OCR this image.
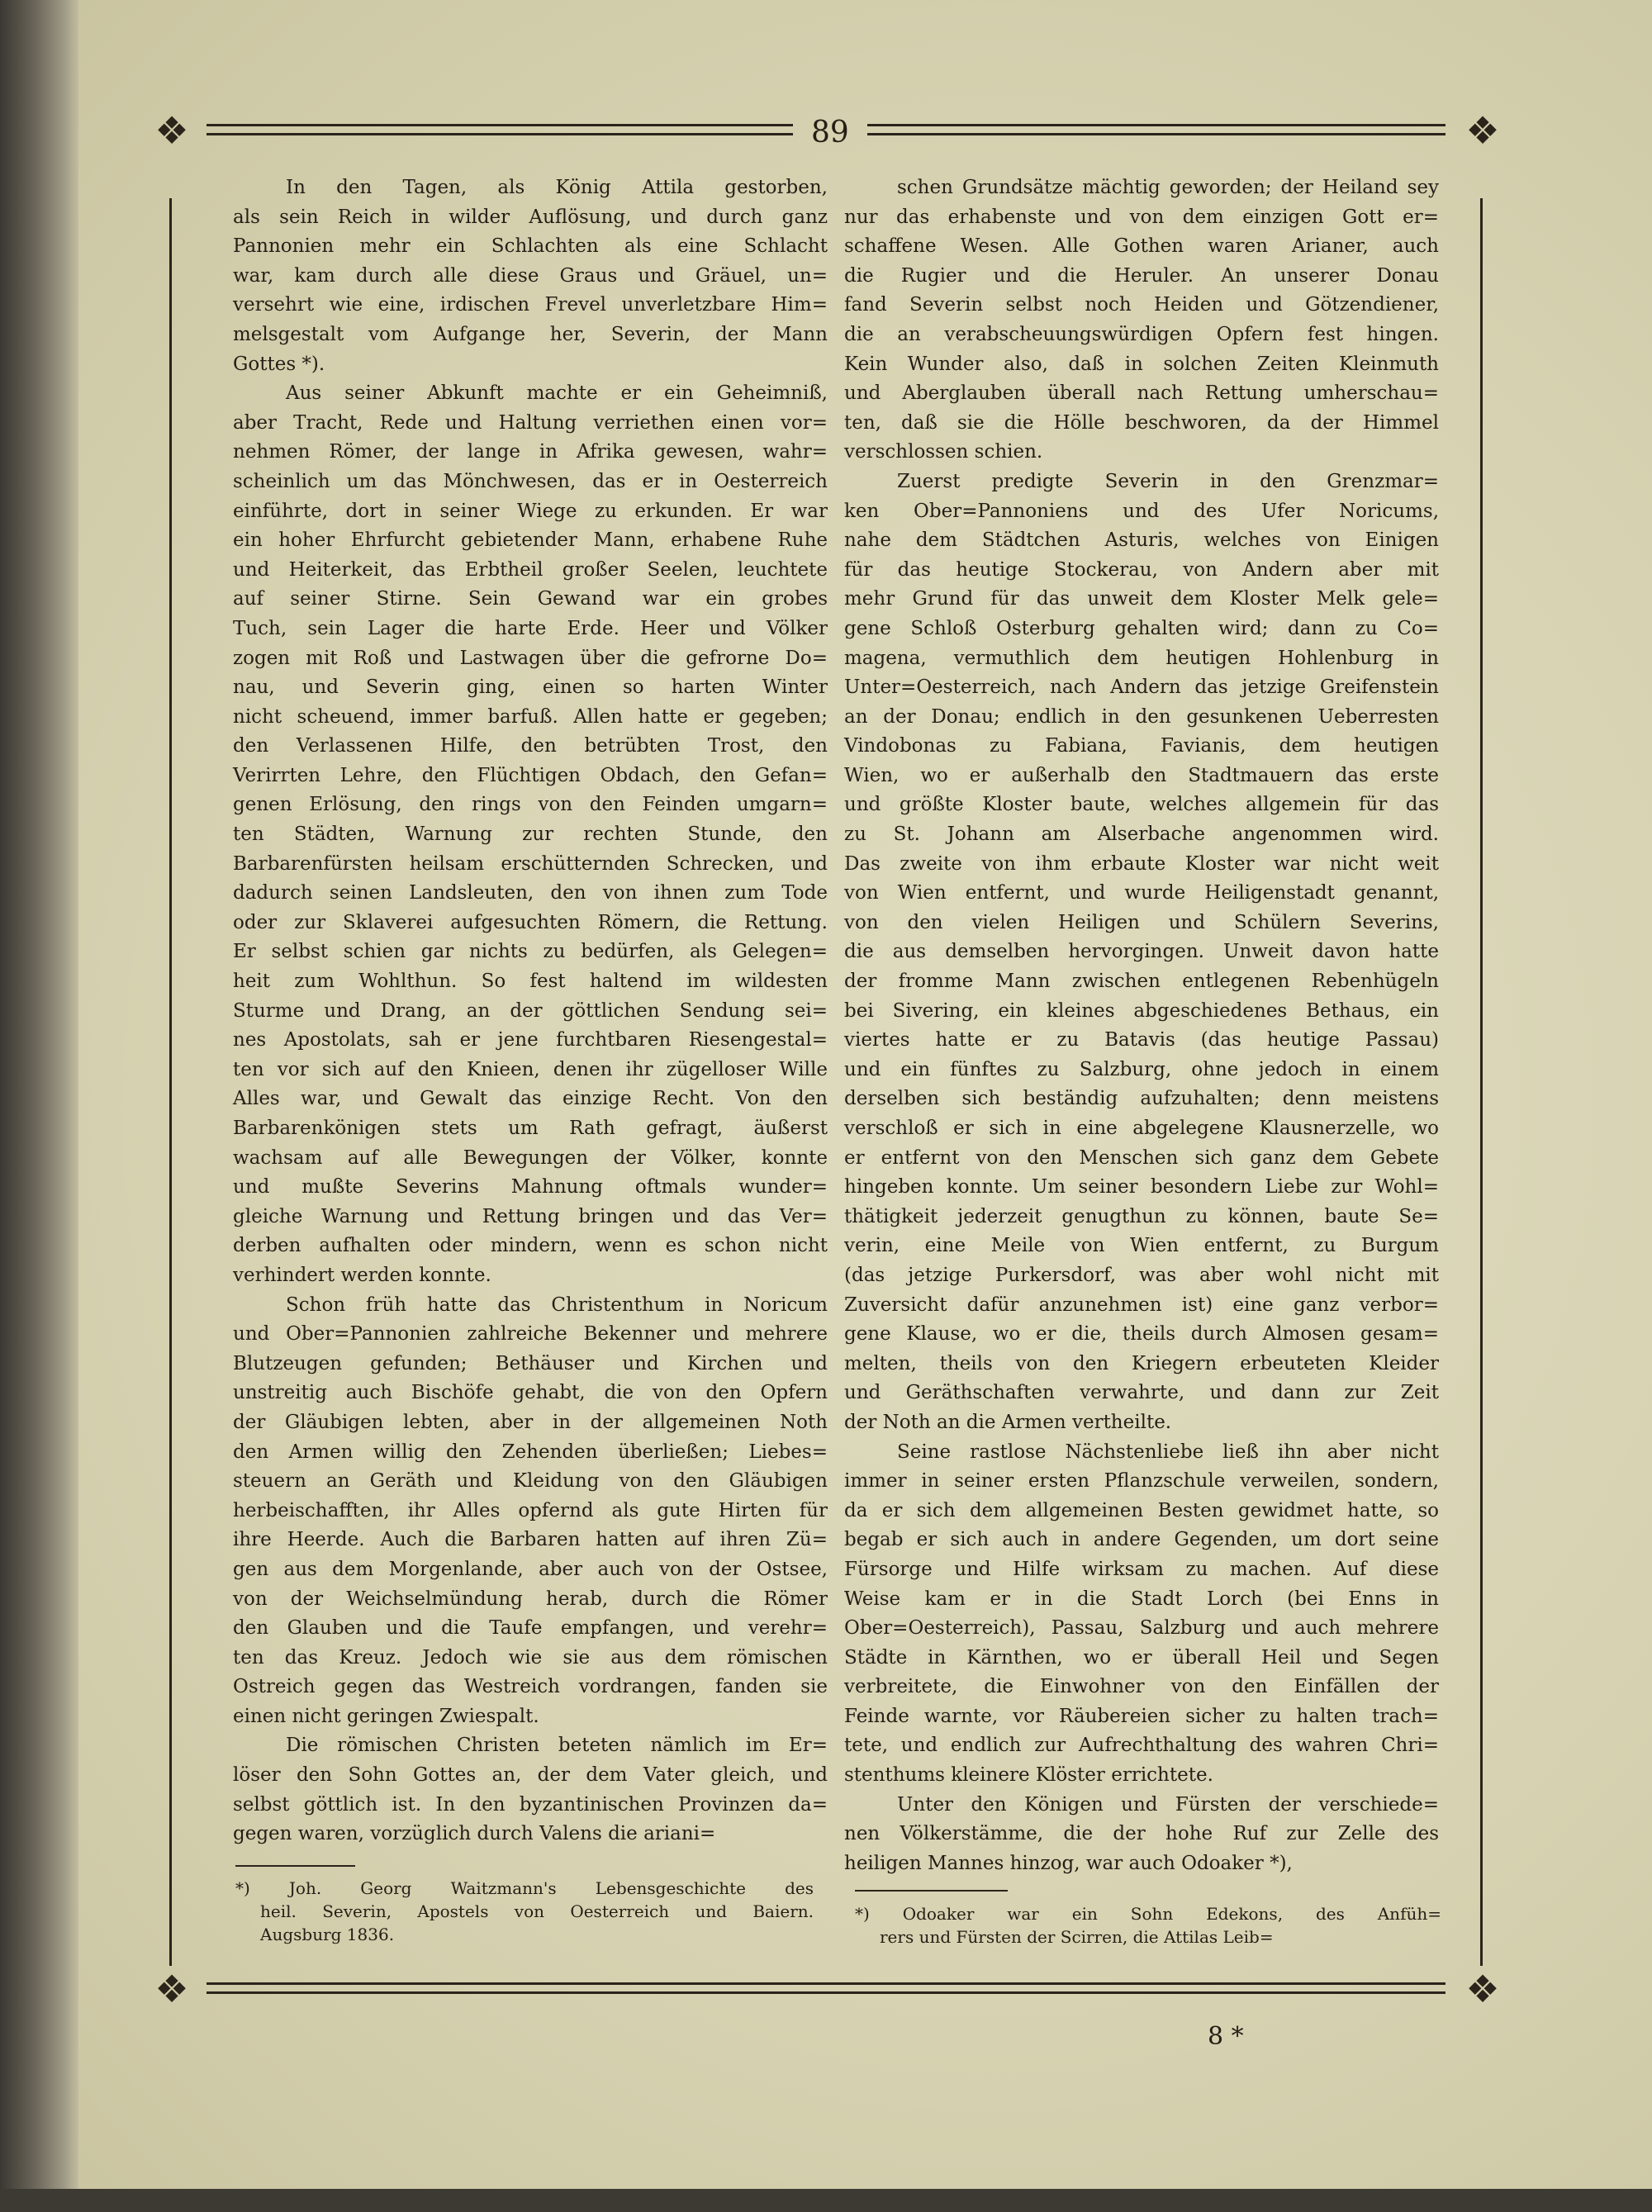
❖	❖
❖	❖
89
In den Tagen, als König Attila gestorben,
als sein Reich in wilder Auflösung, und durch ganz
Pannonien mehr ein Schlachten als eine Schlacht
war, kam durch alle diese Graus und Gräuel, un=
versehrt wie eine, irdischen Frevel unverletzbare Him=
melsgestalt vom Aufgange her, Severin, der Mann
Gottes *).
Aus seiner Abkunft machte er ein Geheimniß,
aber Tracht, Rede und Haltung verriethen einen vor=
nehmen Römer, der lange in Afrika gewesen, wahr=
scheinlich um das Mönchwesen, das er in Oesterreich
einführte, dort in seiner Wiege zu erkunden. Er war
ein hoher Ehrfurcht gebietender Mann, erhabene Ruhe
und Heiterkeit, das Erbtheil großer Seelen, leuchtete
auf seiner Stirne. Sein Gewand war ein grobes
Tuch, sein Lager die harte Erde. Heer und Völker
zogen mit Roß und Lastwagen über die gefrorne Do=
nau, und Severin ging, einen so harten Winter
nicht scheuend, immer barfuß. Allen hatte er gegeben;
den Verlassenen Hilfe, den betrübten Trost, den
Verirrten Lehre, den Flüchtigen Obdach, den Gefan=
genen Erlösung, den rings von den Feinden umgarn=
ten Städten, Warnung zur rechten Stunde, den
Barbarenfürsten heilsam erschütternden Schrecken, und
dadurch seinen Landsleuten, den von ihnen zum Tode
oder zur Sklaverei aufgesuchten Römern, die Rettung.
Er selbst schien gar nichts zu bedürfen, als Gelegen=
heit zum Wohlthun. So fest haltend im wildesten
Sturme und Drang, an der göttlichen Sendung sei=
nes Apostolats, sah er jene furchtbaren Riesengestal=
ten vor sich auf den Knieen, denen ihr zügelloser Wille
Alles war, und Gewalt das einzige Recht. Von den
Barbarenkönigen stets um Rath gefragt, äußerst
wachsam auf alle Bewegungen der Völker, konnte
und mußte Severins Mahnung oftmals wunder=
gleiche Warnung und Rettung bringen und das Ver=
derben aufhalten oder mindern, wenn es schon nicht
verhindert werden konnte.
Schon früh hatte das Christenthum in Noricum
und Ober=Pannonien zahlreiche Bekenner und mehrere
Blutzeugen gefunden; Bethäuser und Kirchen und
unstreitig auch Bischöfe gehabt, die von den Opfern
der Gläubigen lebten, aber in der allgemeinen Noth
den Armen willig den Zehenden überließen; Liebes=
steuern an Geräth und Kleidung von den Gläubigen
herbeischafften, ihr Alles opfernd als gute Hirten für
ihre Heerde. Auch die Barbaren hatten auf ihren Zü=
gen aus dem Morgenlande, aber auch von der Ostsee,
von der Weichselmündung herab, durch die Römer
den Glauben und die Taufe empfangen, und verehr=
ten das Kreuz. Jedoch wie sie aus dem römischen
Ostreich gegen das Westreich vordrangen, fanden sie
einen nicht geringen Zwiespalt.
Die römischen Christen beteten nämlich im Er=
löser den Sohn Gottes an, der dem Vater gleich, und
selbst göttlich ist. In den byzantinischen Provinzen da=
gegen waren, vorzüglich durch Valens die ariani=
schen Grundsätze mächtig geworden; der Heiland sey
nur das erhabenste und von dem einzigen Gott er=
schaffene Wesen. Alle Gothen waren Arianer, auch
die Rugier und die Heruler. An unserer Donau
fand Severin selbst noch Heiden und Götzendiener,
die an verabscheuungswürdigen Opfern fest hingen.
Kein Wunder also, daß in solchen Zeiten Kleinmuth
und Aberglauben überall nach Rettung umherschau=
ten, daß sie die Hölle beschworen, da der Himmel
verschlossen schien.
Zuerst predigte Severin in den Grenzmar=
ken Ober=Pannoniens und des Ufer Noricums,
nahe dem Städtchen Asturis, welches von Einigen
für das heutige Stockerau, von Andern aber mit
mehr Grund für das unweit dem Kloster Melk gele=
gene Schloß Osterburg gehalten wird; dann zu Co=
magena, vermuthlich dem heutigen Hohlenburg in
Unter=Oesterreich, nach Andern das jetzige Greifenstein
an der Donau; endlich in den gesunkenen Ueberresten
Vindobonas zu Fabiana, Favianis, dem heutigen
Wien, wo er außerhalb den Stadtmauern das erste
und größte Kloster baute, welches allgemein für das
zu St. Johann am Alserbache angenommen wird.
Das zweite von ihm erbaute Kloster war nicht weit
von Wien entfernt, und wurde Heiligenstadt genannt,
von den vielen Heiligen und Schülern Severins,
die aus demselben hervorgingen. Unweit davon hatte
der fromme Mann zwischen entlegenen Rebenhügeln
bei Sivering, ein kleines abgeschiedenes Bethaus, ein
viertes hatte er zu Batavis (das heutige Passau)
und ein fünftes zu Salzburg, ohne jedoch in einem
derselben sich beständig aufzuhalten; denn meistens
verschloß er sich in eine abgelegene Klausnerzelle, wo
er entfernt von den Menschen sich ganz dem Gebete
hingeben konnte. Um seiner besondern Liebe zur Wohl=
thätigkeit jederzeit genugthun zu können, baute Se=
verin, eine Meile von Wien entfernt, zu Burgum
(das jetzige Purkersdorf, was aber wohl nicht mit
Zuversicht dafür anzunehmen ist) eine ganz verbor=
gene Klause, wo er die, theils durch Almosen gesam=
melten, theils von den Kriegern erbeuteten Kleider
und Geräthschaften verwahrte, und dann zur Zeit
der Noth an die Armen vertheilte.
Seine rastlose Nächstenliebe ließ ihn aber nicht
immer in seiner ersten Pflanzschule verweilen, sondern,
da er sich dem allgemeinen Besten gewidmet hatte, so
begab er sich auch in andere Gegenden, um dort seine
Fürsorge und Hilfe wirksam zu machen. Auf diese
Weise kam er in die Stadt Lorch (bei Enns in
Ober=Oesterreich), Passau, Salzburg und auch mehrere
Städte in Kärnthen, wo er überall Heil und Segen
verbreitete, die Einwohner von den Einfällen der
Feinde warnte, vor Räubereien sicher zu halten trach=
tete, und endlich zur Aufrechthaltung des wahren Chri=
stenthums kleinere Klöster errichtete.
Unter den Königen und Fürsten der verschiede=
nen Völkerstämme, die der hohe Ruf zur Zelle des
heiligen Mannes hinzog, war auch Odoaker *),
*) Joh. Georg Waitzmann's Lebensgeschichte des
heil. Severin, Apostels von Oesterreich und Baiern.
Augsburg 1836.
*) Odoaker war ein Sohn Edekons, des Anfüh=
rers und Fürsten der Scirren, die Attilas Leib=
8 *
